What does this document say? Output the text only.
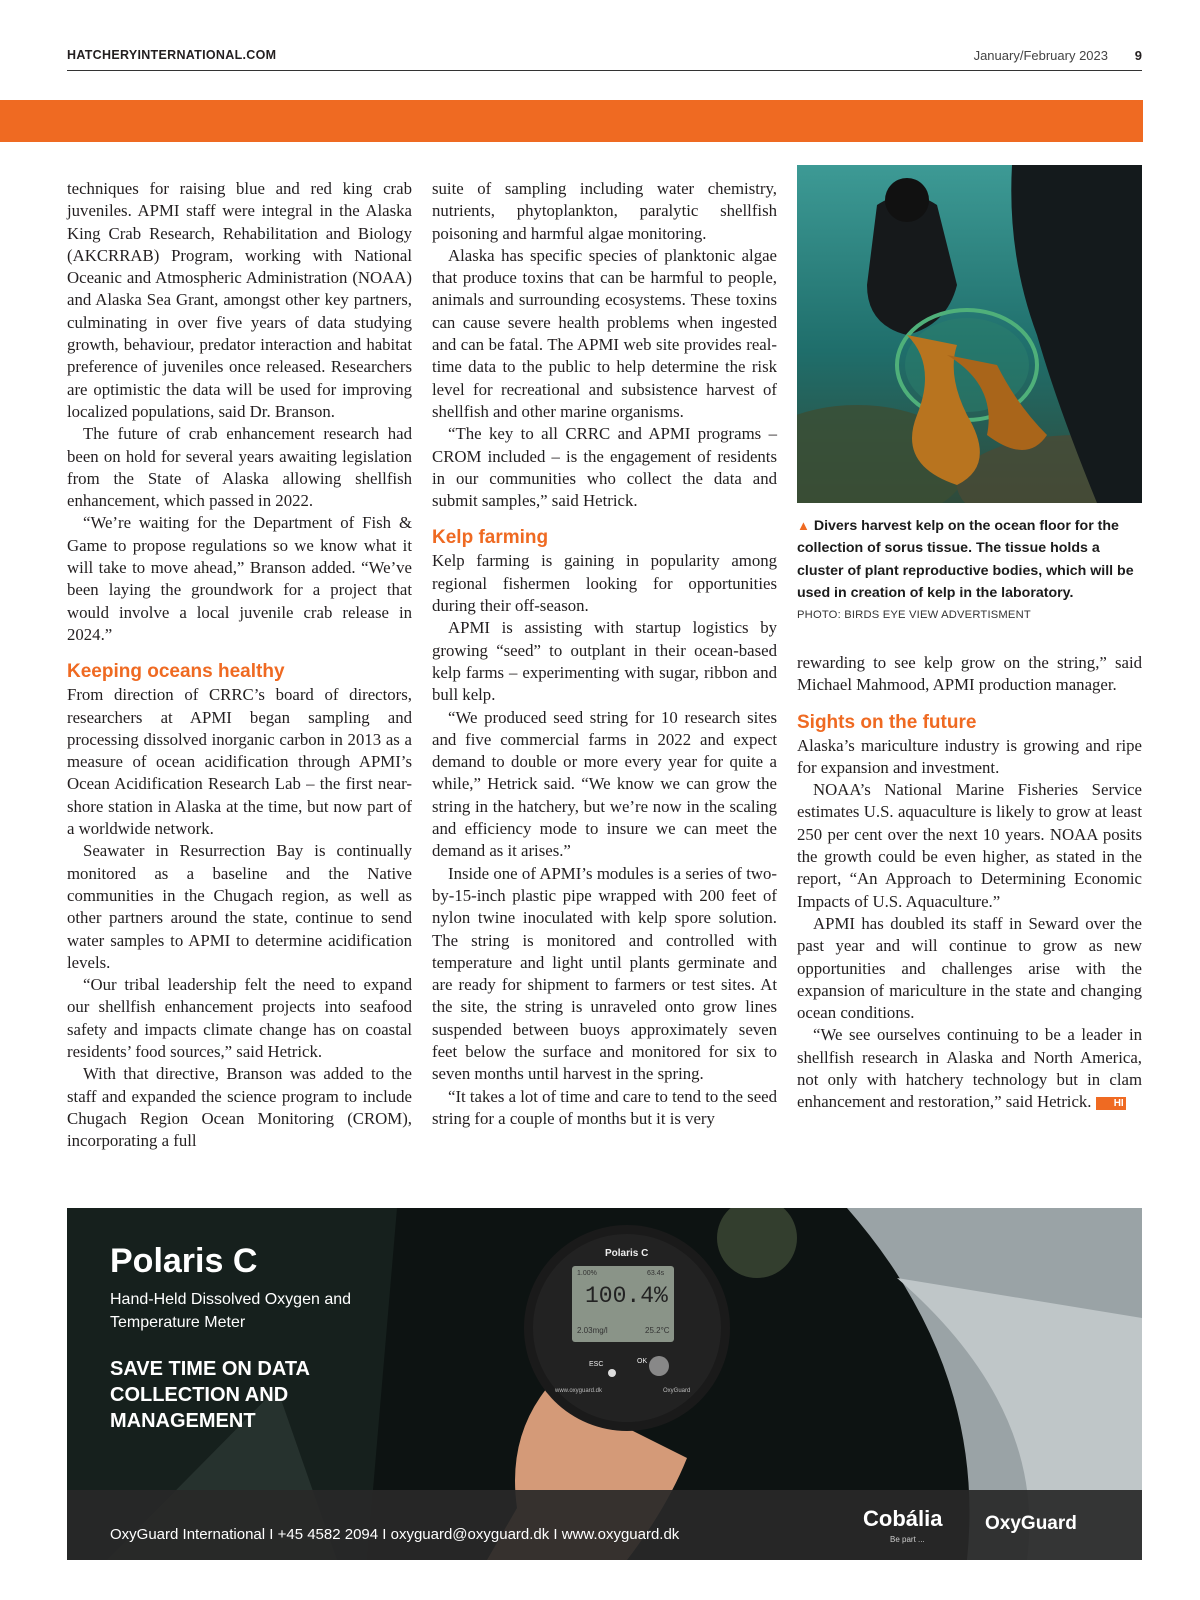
HATCHERYINTERNATIONAL.COM	January/February 2023 9

techniques for raising blue and red king crab juveniles. APMI staff were integral in the Alaska King Crab Research, Rehabilitation and Biology (AKCRRAB) Program, working with National Oceanic and Atmospheric Administration (NOAA) and Alaska Sea Grant, amongst other key partners, culminating in over five years of data studying growth, behaviour, predator interaction and habitat preference of juveniles once released. Researchers are optimistic the data will be used for improving localized populations, said Dr. Branson.

The future of crab enhancement research had been on hold for several years awaiting legislation from the State of Alaska allowing shellfish enhancement, which passed in 2022.

“We’re waiting for the Department of Fish & Game to propose regulations so we know what it will take to move ahead,” Branson added. “We’ve been laying the groundwork for a project that would involve a local juvenile crab release in 2024.”

Keeping oceans healthy

From direction of CRRC’s board of directors, researchers at APMI began sampling and processing dissolved inorganic carbon in 2013 as a measure of ocean acidification through APMI’s Ocean Acidification Research Lab – the first near-shore station in Alaska at the time, but now part of a worldwide network.

Seawater in Resurrection Bay is continually monitored as a baseline and the Native communities in the Chugach region, as well as other partners around the state, continue to send water samples to APMI to determine acidification levels.

“Our tribal leadership felt the need to expand our shellfish enhancement projects into seafood safety and impacts climate change has on coastal residents’ food sources,” said Hetrick.

With that directive, Branson was added to the staff and expanded the science program to include Chugach Region Ocean Monitoring (CROM), incorporating a full

suite of sampling including water chemistry, nutrients, phytoplankton, paralytic shellfish poisoning and harmful algae monitoring.

Alaska has specific species of planktonic algae that produce toxins that can be harmful to people, animals and surrounding ecosystems. These toxins can cause severe health problems when ingested and can be fatal. The APMI web site provides real-time data to the public to help determine the risk level for recreational and subsistence harvest of shellfish and other marine organisms.

“The key to all CRRC and APMI programs – CROM included – is the engagement of residents in our communities who collect the data and submit samples,” said Hetrick.

Kelp farming

Kelp farming is gaining in popularity among regional fishermen looking for opportunities during their off-season.

APMI is assisting with startup logistics by growing “seed” to outplant in their ocean-based kelp farms – experimenting with sugar, ribbon and bull kelp.

“We produced seed string for 10 research sites and five commercial farms in 2022 and expect demand to double or more every year for quite a while,” Hetrick said. “We know we can grow the string in the hatchery, but we’re now in the scaling and efficiency mode to insure we can meet the demand as it arises.”

Inside one of APMI’s modules is a series of two-by-15-inch plastic pipe wrapped with 200 feet of nylon twine inoculated with kelp spore solution. The string is monitored and controlled with temperature and light until plants germinate and are ready for shipment to farmers or test sites. At the site, the string is unraveled onto grow lines suspended between buoys approximately seven feet below the surface and monitored for six to seven months until harvest in the spring.

“It takes a lot of time and care to tend to the seed string for a couple of months but it is very

▲ Divers harvest kelp on the ocean floor for the collection of sorus tissue. The tissue holds a cluster of plant reproductive bodies, which will be used in creation of kelp in the laboratory.
PHOTO: BIRDS EYE VIEW ADVERTISMENT

rewarding to see kelp grow on the string,” said Michael Mahmood, APMI production manager.

Sights on the future

Alaska’s mariculture industry is growing and ripe for expansion and investment.

NOAA’s National Marine Fisheries Service estimates U.S. aquaculture is likely to grow at least 250 per cent over the next 10 years. NOAA posits the growth could be even higher, as stated in the report, “An Approach to Determining Economic Impacts of U.S. Aquaculture.”

APMI has doubled its staff in Seward over the past year and will continue to grow as new opportunities and challenges arise with the expansion of mariculture in the state and changing ocean conditions.

“We see ourselves continuing to be a leader in shellfish research in Alaska and North America, not only with hatchery technology but in clam enhancement and restoration,” said Hetrick. HI

Polaris C
Hand-Held Dissolved Oxygen and Temperature Meter
SAVE TIME ON DATA COLLECTION AND MANAGEMENT
Polaris C
1.00%	63.4s
100.4%
2.03mg/l	25.2°C
ESC	OK
www.oxyguard.dk	OxyGuard
OxyGuard International I +45 4582 2094 I oxyguard@oxyguard.dk I www.oxyguard.dk
Cobália
Be part ...
OxyGuard
